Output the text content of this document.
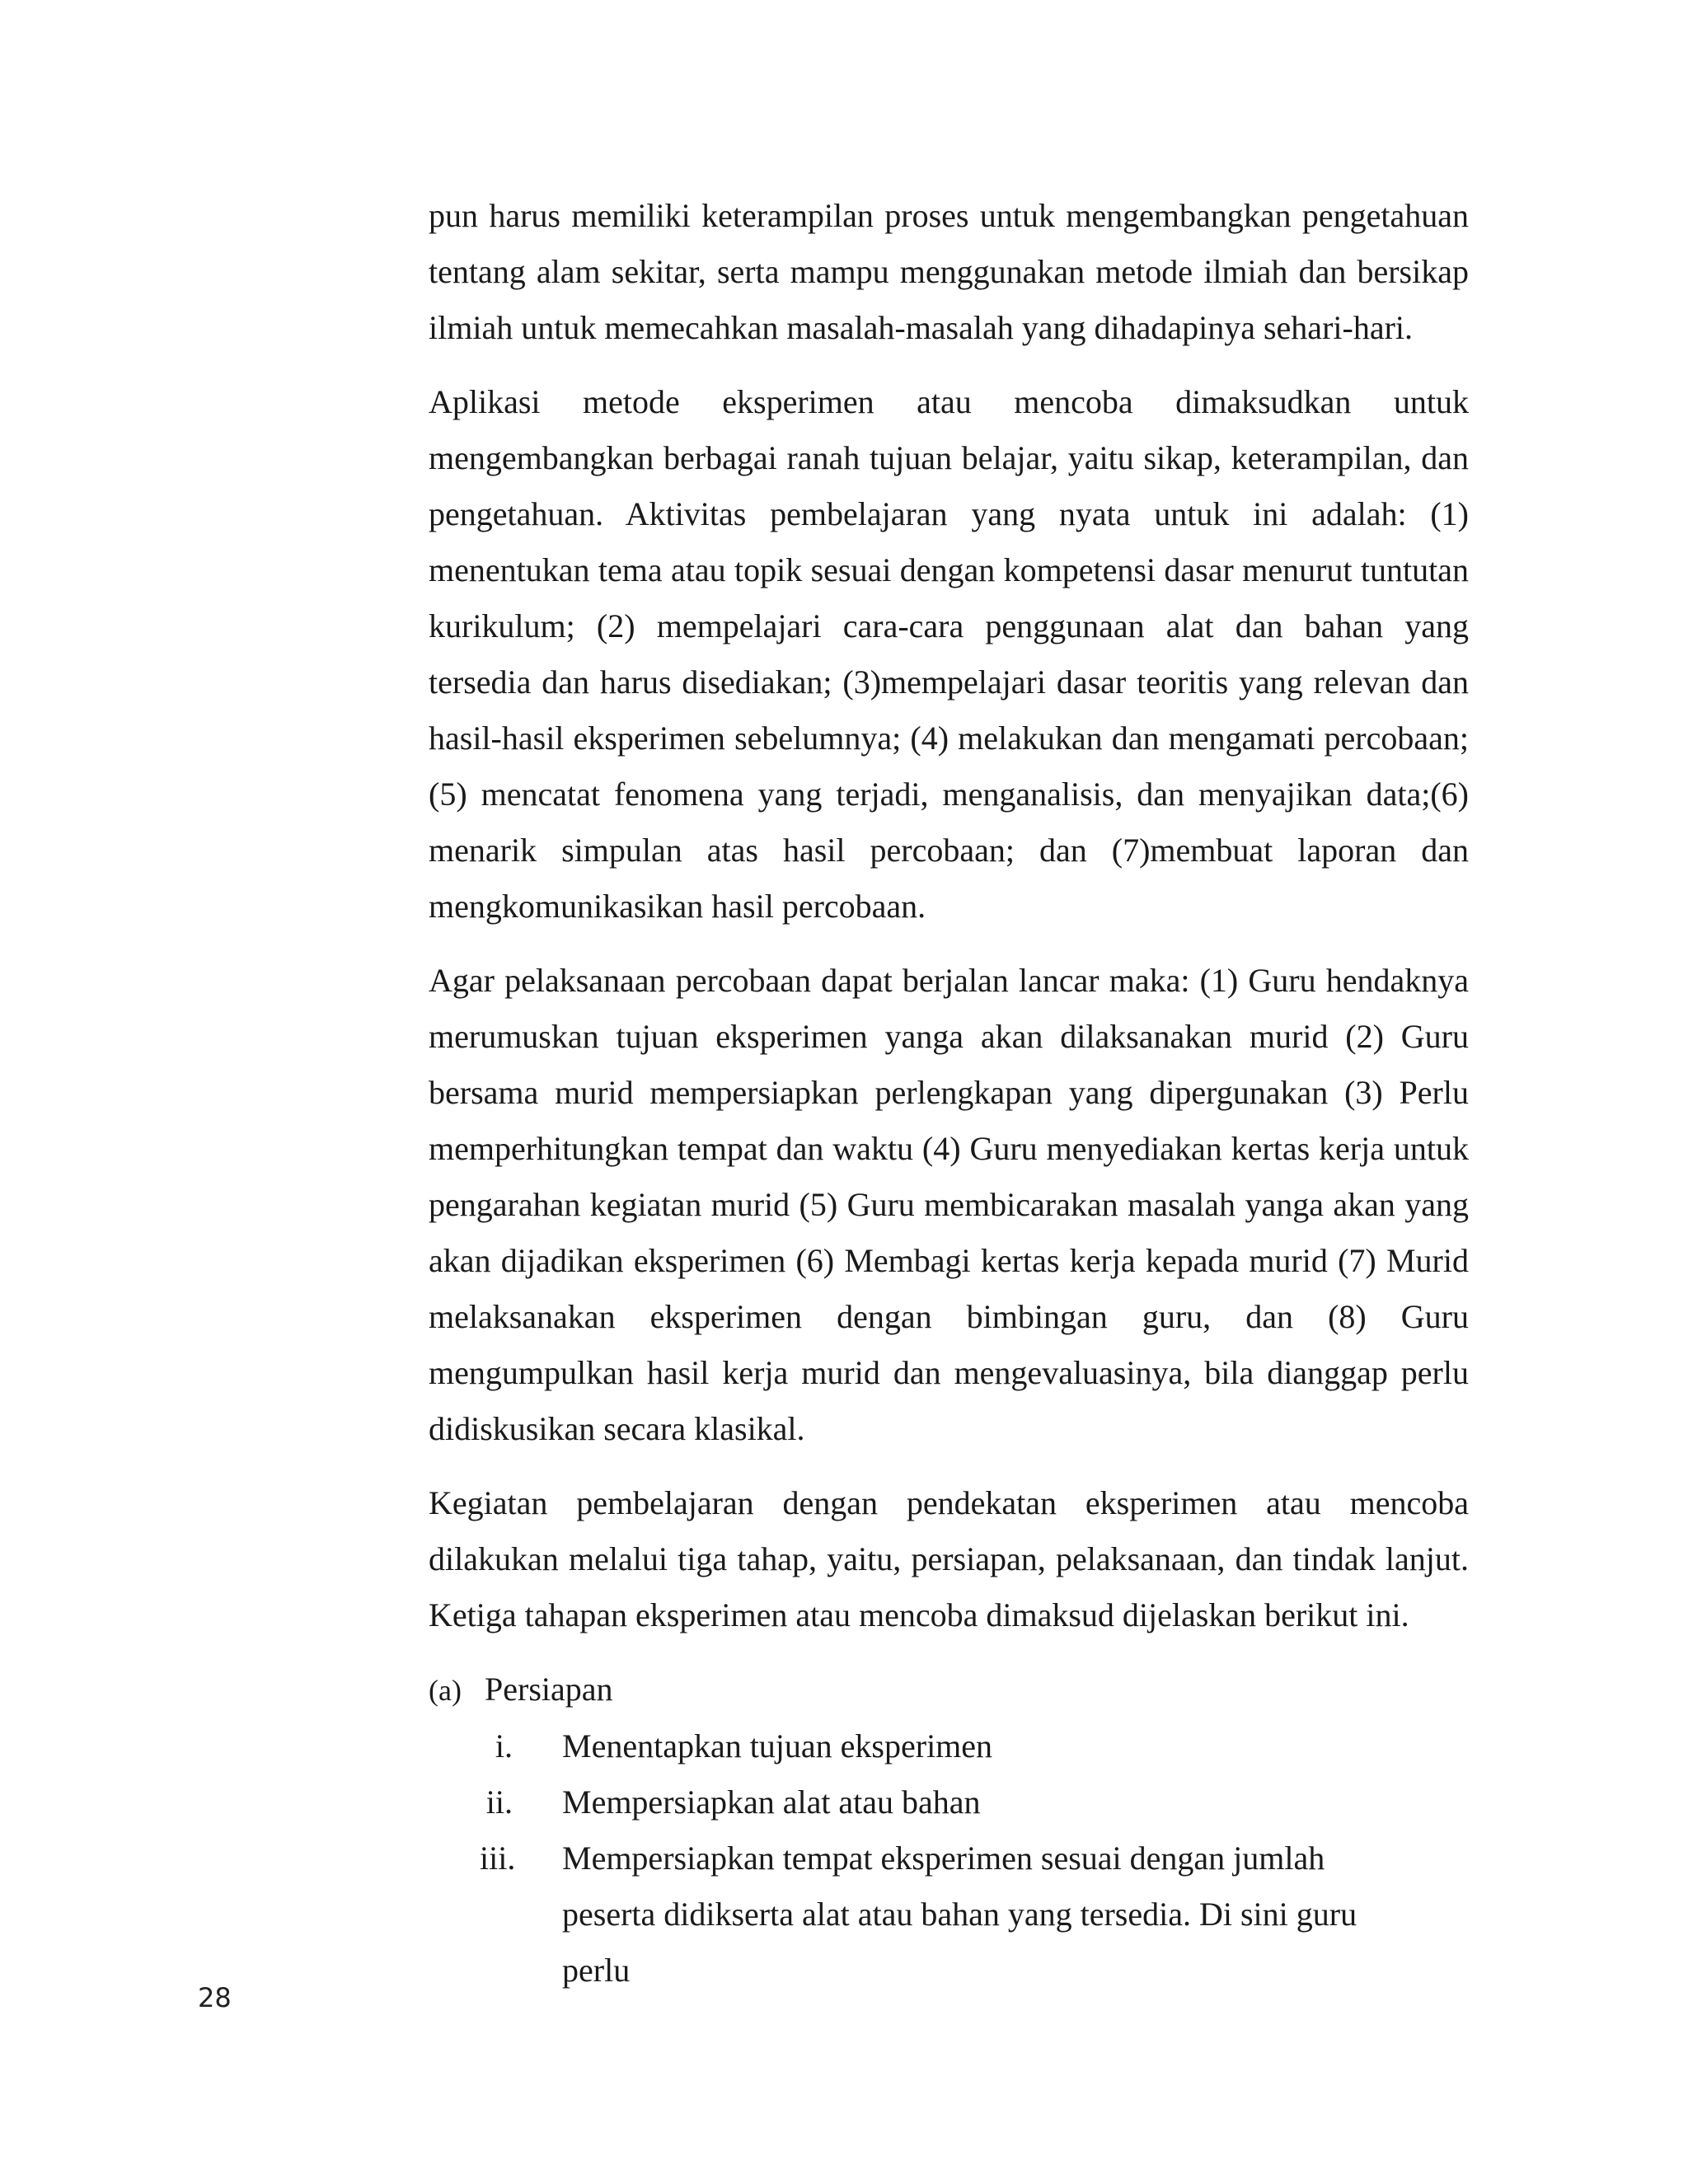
pun harus memiliki keterampilan proses untuk mengembangkan pengetahuan tentang alam sekitar, serta mampu menggunakan metode ilmiah dan bersikap ilmiah untuk memecahkan masalah-masalah yang dihadapinya sehari-hari.

Aplikasi metode eksperimen atau mencoba dimaksudkan untuk mengembangkan berbagai ranah tujuan belajar, yaitu sikap, keterampilan, dan pengetahuan. Aktivitas pembelajaran yang nyata untuk ini adalah: (1) menentukan tema atau topik sesuai dengan kompetensi dasar menurut tuntutan kurikulum; (2) mempelajari cara-cara penggunaan alat dan bahan yang tersedia dan harus disediakan; (3)mempelajari dasar teoritis yang relevan dan hasil-hasil eksperimen sebelumnya; (4) melakukan dan mengamati percobaan; (5) mencatat fenomena yang terjadi, menganalisis, dan menyajikan data;(6) menarik simpulan atas hasil percobaan; dan (7)membuat laporan dan mengkomunikasikan hasil percobaan.

Agar pelaksanaan percobaan dapat berjalan lancar maka: (1) Guru hendaknya merumuskan tujuan eksperimen yanga akan dilaksanakan murid (2) Guru bersama murid mempersiapkan perlengkapan yang dipergunakan (3) Perlu memperhitungkan tempat dan waktu (4) Guru menyediakan kertas kerja untuk pengarahan kegiatan murid (5) Guru membicarakan masalah yanga akan yang akan dijadikan eksperimen (6) Membagi kertas kerja kepada murid (7) Murid melaksanakan eksperimen dengan bimbingan guru, dan (8) Guru mengumpulkan hasil kerja murid dan mengevaluasinya, bila dianggap perlu didiskusikan secara klasikal.

Kegiatan pembelajaran dengan pendekatan eksperimen atau mencoba dilakukan melalui tiga tahap, yaitu, persiapan, pelaksanaan, dan tindak lanjut. Ketiga tahapan eksperimen atau mencoba dimaksud dijelaskan berikut ini.

(a) Persiapan
i.	Menentapkan tujuan eksperimen
ii.	Mempersiapkan alat atau bahan
iii.	Mempersiapkan tempat eksperimen sesuai dengan jumlah peserta didikserta alat atau bahan yang tersedia. Di sini guru perlu
28
